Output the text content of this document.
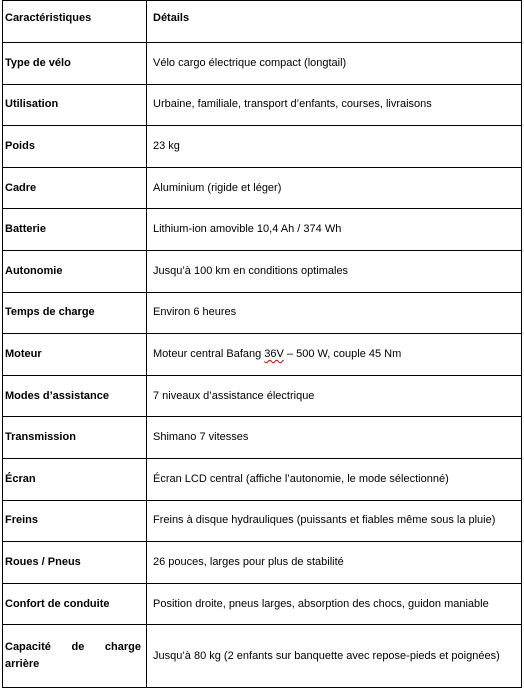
Caractéristiques	Détails
Type de vélo	Vélo cargo électrique compact (longtail)
Utilisation	Urbaine, familiale, transport d’enfants, courses, livraisons
Poids	23 kg
Cadre	Aluminium (rigide et léger)
Batterie	Lithium-ion amovible 10,4 Ah / 374 Wh
Autonomie	Jusqu’à 100 km en conditions optimales
Temps de charge	Environ 6 heures
Moteur	Moteur central Bafang 36V – 500 W, couple 45 Nm
Modes d’assistance	7 niveaux d’assistance électrique
Transmission	Shimano 7 vitesses
Écran	Écran LCD central (affiche l’autonomie, le mode sélectionné)
Freins	Freins à disque hydrauliques (puissants et fiables même sous la pluie)
Roues / Pneus	26 pouces, larges pour plus de stabilité
Confort de conduite	Position droite, pneus larges, absorption des chocs, guidon maniable
Capacité de charge arrière	Jusqu’à 80 kg (2 enfants sur banquette avec repose-pieds et poignées)
